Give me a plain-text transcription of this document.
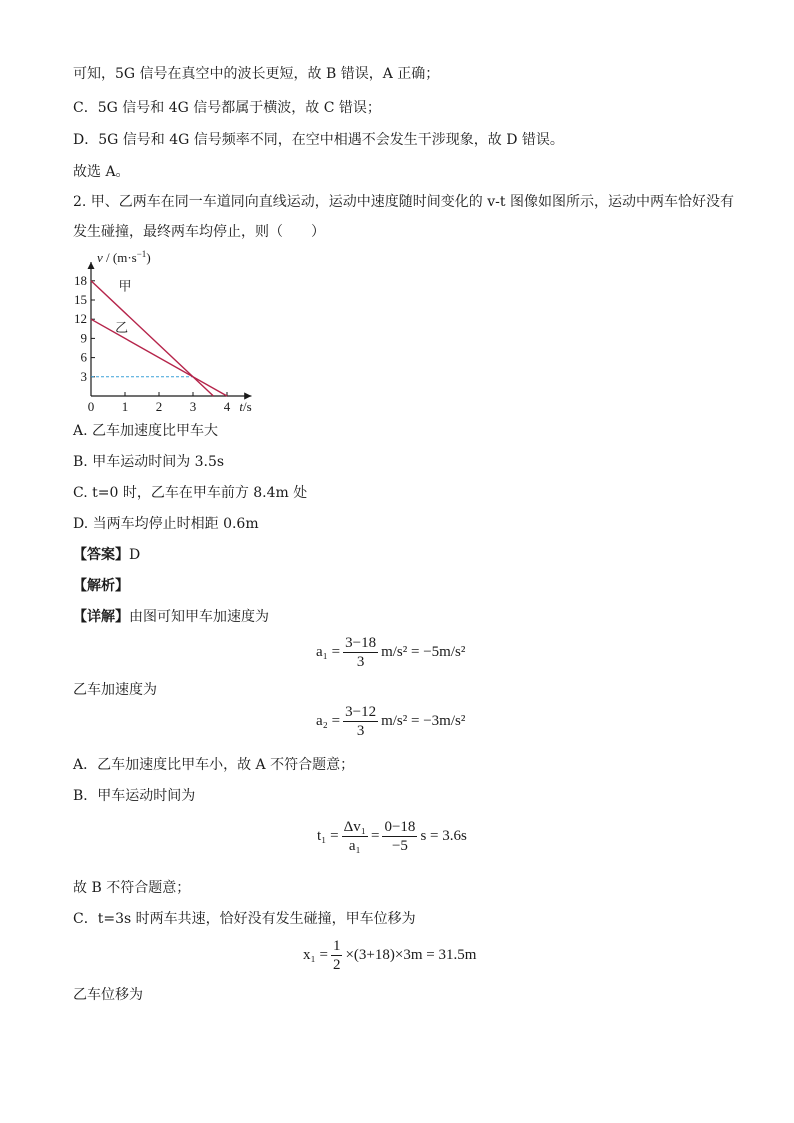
可知，5G 信号在真空中的波长更短，故 B 错误，A 正确；
C．5G 信号和 4G 信号都属于横波，故 C 错误；
D．5G 信号和 4G 信号频率不同，在空中相遇不会发生干涉现象，故 D 错误。
故选 A。
2. 甲、乙两车在同一车道同向直线运动，运动中速度随时间变化的 v-t 图像如图所示，运动中两车恰好没有
发生碰撞，最终两车均停止，则（　　）
0 1 2 3 4
3
6
9
12
15
18 甲
乙
$v / (m\cdot s^{-1})$
t/s
A. 乙车加速度比甲车大
B. 甲车运动时间为 3.5s
C. t=0 时，乙车在甲车前方 8.4m 处
D. 当两车均停止时相距 0.6m
【答案】D
【解析】
【详解】由图可知甲车加速度为
$a_1 = \frac{3-18}{3} m/s^2 = -5m/s^2$
乙车加速度为
$a_2 = \frac{3-12}{3} m/s^2 = -3m/s^2$
A．乙车加速度比甲车小，故 A 不符合题意；
B．甲车运动时间为
$t_1 = \frac{\text{Δv₁}}{\text{a₁}} = \frac{0-18}{-5}$ s = 3.6s
故 B 不符合题意；
C．t=3s 时两车共速，恰好没有发生碰撞，甲车位移为
$x_1 = \frac{1}{2} \times(3+18)\times 3m = 31.5m$
乙车位移为
